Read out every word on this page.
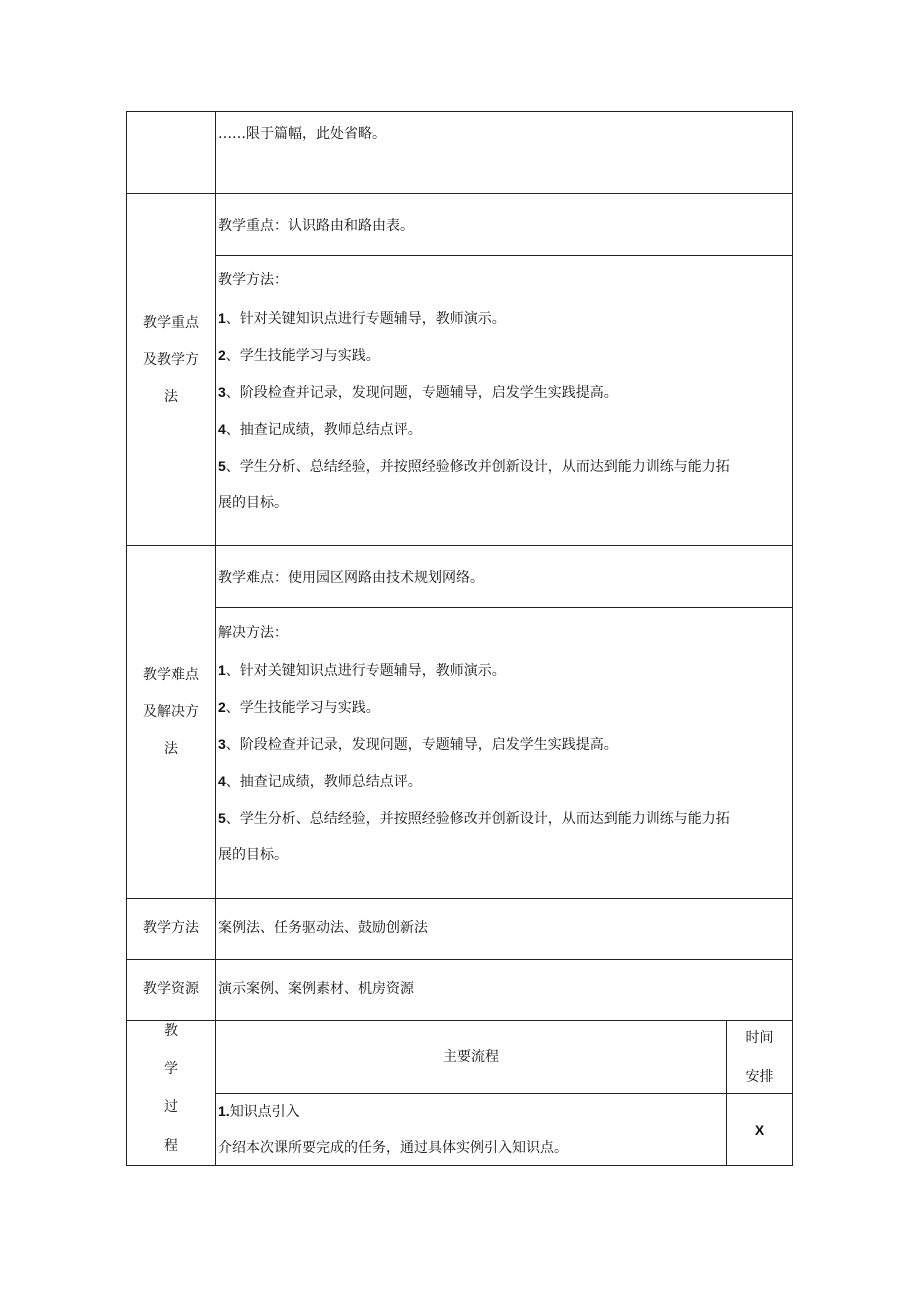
……限于篇幅，此处省略。
教学重点
及教学方
法
教学重点：认识路由和路由表。
教学方法：
1、针对关键知识点进行专题辅导，教师演示。
2、学生技能学习与实践。
3、阶段检查并记录，发现问题，专题辅导，启发学生实践提高。
4、抽查记成绩，教师总结点评。
5、学生分析、总结经验，并按照经验修改并创新设计，从而达到能力训练与能力拓
展的目标。
教学难点
及解决方
法
教学难点：使用园区网路由技术规划网络。
解决方法：
1、针对关键知识点进行专题辅导，教师演示。
2、学生技能学习与实践。
3、阶段检查并记录，发现问题，专题辅导，启发学生实践提高。
4、抽查记成绩，教师总结点评。
5、学生分析、总结经验，并按照经验修改并创新设计，从而达到能力训练与能力拓
展的目标。
教学方法	案例法、任务驱动法、鼓励创新法
教学资源	演示案例、案例素材、机房资源
教
学
过
程
主要流程
时间
安排
1.知识点引入
介绍本次课所要完成的任务，通过具体实例引入知识点。
X
